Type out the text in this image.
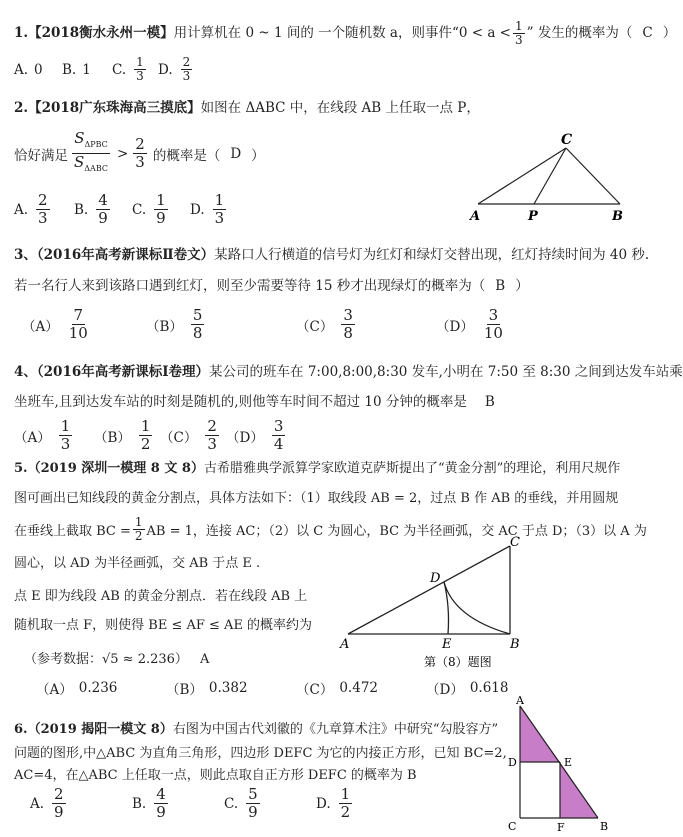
1.【2018衡水永州一模】用计算机在 0 ~ 1 间的 一个随机数 a，则事件“$0 < a < \frac{1}{3}$ ” 发生的概率为（ C ）
A. 0 B. 1 C. $\frac{1}{3} D$. $\frac{2}{3}$
2.【2018广东珠海高三摸底】如图在 ΔABC 中，在线段 AB 上任取一点 P，
恰好满足 $\frac{S_{\Delta PBC}}{S_{\Delta ABC}} > \frac{2}{3}$ 的概率是（ D ）
A. $\frac{2}{3} B$. $\frac{4}{9} C$. $\frac{1}{9} D$. $\frac{1}{3}$
C
A	P	B
3、（2016年高考新课标Ⅱ卷文）某路口人行横道的信号灯为红灯和绿灯交替出现，红灯持续时间为 40 秒.
若一名行人来到该路口遇到红灯，则至少需要等待 15 秒才出现绿灯的概率为（ B ）
$(A) \frac{7}{10}$	$(B) \frac{5}{8}$	$(C) \frac{3}{8}$	$(D) \frac{3}{10}$
4、（2016年高考新课标Ⅰ卷理）某公司的班车在 7:00,8:00,8:30 发车,小明在 7:50 至 8:30 之间到达发车站乘
坐班车,且到达发车站的时刻是随机的,则他等车时间不超过 10 分钟的概率是 B
$(A) \frac{1}{3} (B) \frac{1}{2} (C) \frac{2}{3} (D) \frac{3}{4}$
5.（2019 深圳一模理 8 文 8）古希腊雅典学派算学家欧道克萨斯提出了“黄金分割”的理论，利用尺规作
图可画出已知线段的黄金分割点，具体方法如下：（1）取线段 AB = 2，过点 B 作 AB 的垂线，并用圆规
在垂线上截取 BC = $\frac{1}{2}$ AB = 1，连接 AC；（2）以 C 为圆心，BC 为半径画弧，交 AC 于点 D；（3）以 A 为
圆心，以 AD 为半径画弧，交 AB 于点 E .
点 E 即为线段 AB 的黄金分割点．若在线段 AB 上
随机取一点 F，则使得 BE ≤ AF ≤ AE 的概率约为
（参考数据：√5 ≈ 2.236） A
（A） 0.236	（B） 0.382	（C） 0.472	（D） 0.618
A	B
C
D
E
第（8）题图
6.（2019 揭阳一模文 8）右图为中国古代刘徽的《九章算术注》中研究“勾股容方”
问题的图形,中△ABC 为直角三角形，四边形 DEFC 为它的内接正方形，已知 BC=2,
AC=4，在△ABC 上任取一点，则此点取自正方形 DEFC 的概率为 B
A. $\frac{2}{9}$	B. $\frac{4}{9}$	C. $\frac{5}{9}$	D. $\frac{1}{2}$
A
D	E
C	F	B
